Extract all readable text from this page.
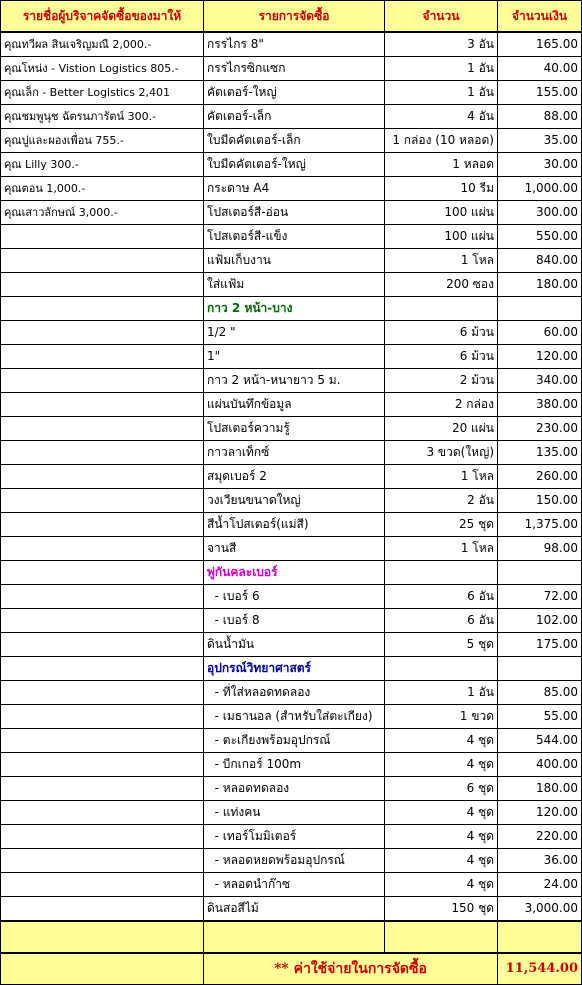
รายชื่อผู้บริจาคจัดซื้อของมาให้	รายการจัดซื้อ	จำนวน	จำนวนเงิน
คุณทวีผล สินเจริญมณี 2,000.-	กรรไกร 8"	3 อัน	165.00
คุณโหน่ง - Vistion Logistics 805.-	กรรไกรซิกแซก	1 อัน	40.00
คุณเล็ก - Better Logistics 2,401	คัตเตอร์-ใหญ่	1 อัน	155.00
คุณชมพูนุช ฉัตรนภารัตน์ 300.-	คัตเตอร์-เล็ก	4 อัน	88.00
คุณปูและผองเพื่อน 755.-	ใบมีดคัตเตอร์-เล็ก	1 กล่อง (10 หลอด)	35.00
คุณ Lilly 300.-	ใบมีดคัตเตอร์-ใหญ่	1 หลอด	30.00
คุณตอน 1,000.-	กระดาษ A4	10 รีม	1,000.00
คุณเสาวลักษณ์ 3,000.-	โปสเตอร์สี-อ่อน	100 แผ่น	300.00
	โปสเตอร์สี-แข็ง	100 แผ่น	550.00
	แฟ้มเก็บงาน	1 โหล	840.00
	ใส่แฟ้ม	200 ซอง	180.00
	กาว 2 หน้า-บาง		
	1/2 "	6 ม้วน	60.00
	1"	6 ม้วน	120.00
	กาว 2 หน้า-หนายาว 5 ม.	2 ม้วน	340.00
	แผ่นบันทึกข้อมูล	2 กล่อง	380.00
	โปสเตอร์ความรู้	20 แผ่น	230.00
	กาวลาเท็กซ์	3 ขวด(ใหญ่)	135.00
	สมุดเบอร์ 2	1 โหล	260.00
	วงเวียนขนาดใหญ่	2 อัน	150.00
	สีน้ำโปสเตอร์(แม่สี)	25 ชุด	1,375.00
	จานสี	1 โหล	98.00
	พู่กันคละเบอร์		
	- เบอร์ 6	6 อัน	72.00
	- เบอร์ 8	6 อัน	102.00
	ดินน้ำมัน	5 ชุด	175.00
	อุปกรณ์วิทยาศาสตร์		
	- ที่ใส่หลอดทดลอง	1 อัน	85.00
	- เมธานอล (สำหรับใส่ตะเกียง)	1 ขวด	55.00
	- ตะเกียงพร้อมอุปกรณ์	4 ชุด	544.00
	- บีกเกอร์ 100m	4 ชุด	400.00
	- หลอดทดลอง	6 ชุด	180.00
	- แท่งคน	4 ชุด	120.00
	- เทอร์โมมิเตอร์	4 ชุด	220.00
	- หลอดหยดพร้อมอุปกรณ์	4 ชุด	36.00
	- หลอดนำก๊าซ	4 ชุด	24.00
	ดินสอสีไม้	150 ชุด	3,000.00

	** ค่าใช้จ่ายในการจัดซื้อ		11,544.00
